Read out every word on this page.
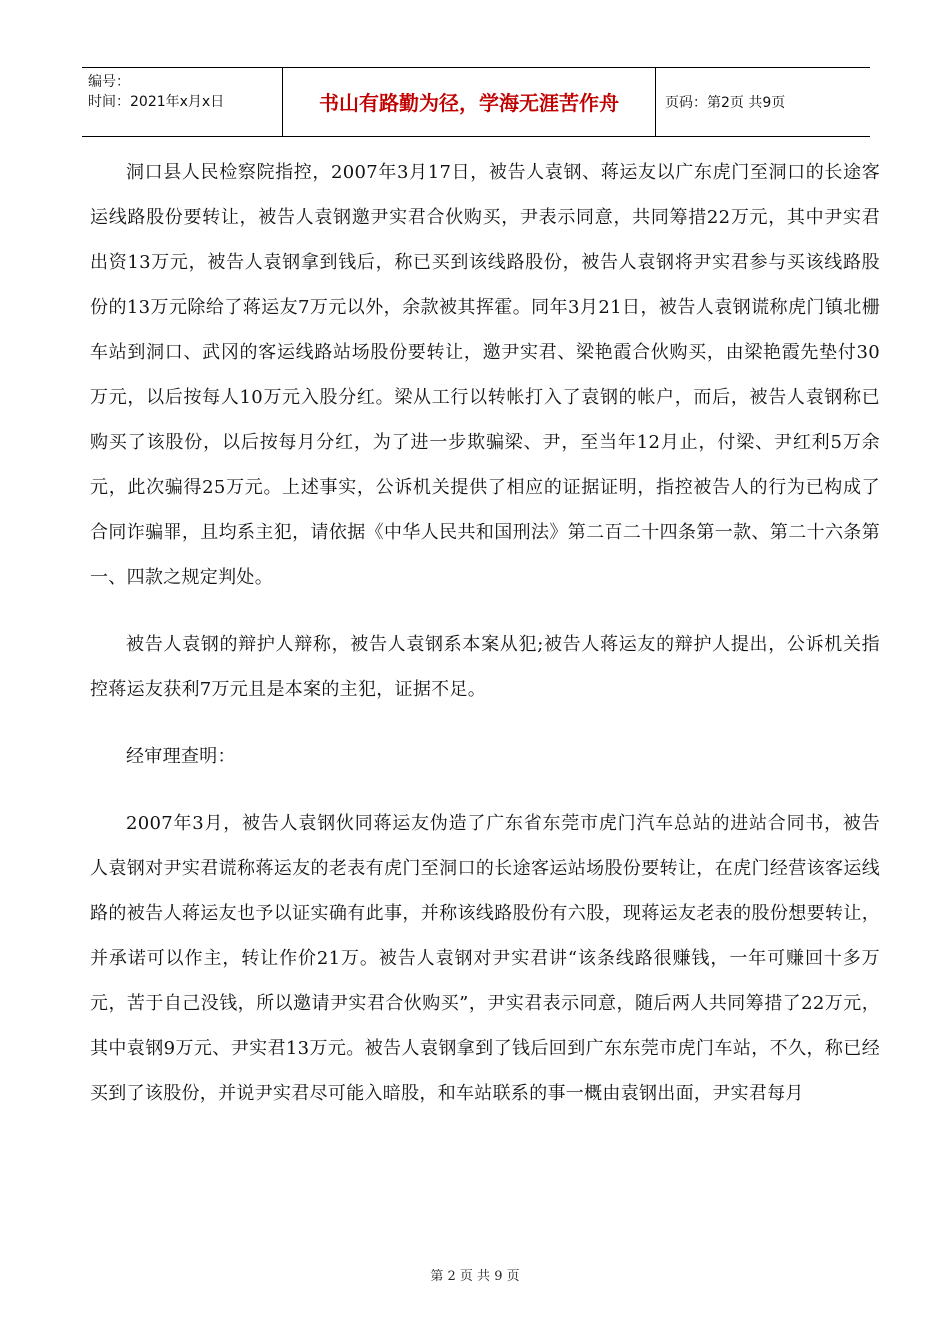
编号：
时间：2021年x月x日	书山有路勤为径，学海无涯苦作舟	页码：第2页 共9页

洞口县人民检察院指控，2007年3月17日，被告人袁钢、蒋运友以广东虎门至洞口的长途客运线路股份要转让，被告人袁钢邀尹实君合伙购买，尹表示同意，共同筹措22万元，其中尹实君出资13万元，被告人袁钢拿到钱后，称已买到该线路股份，被告人袁钢将尹实君参与买该线路股份的13万元除给了蒋运友7万元以外，余款被其挥霍。同年3月21日，被告人袁钢谎称虎门镇北栅车站到洞口、武冈的客运线路站场股份要转让，邀尹实君、梁艳霞合伙购买，由梁艳霞先垫付30万元，以后按每人10万元入股分红。梁从工行以转帐打入了袁钢的帐户，而后，被告人袁钢称已购买了该股份，以后按每月分红，为了进一步欺骗梁、尹，至当年12月止，付梁、尹红利5万余元，此次骗得25万元。上述事实，公诉机关提供了相应的证据证明，指控被告人的行为已构成了合同诈骗罪，且均系主犯，请依据《中华人民共和国刑法》第二百二十四条第一款、第二十六条第一、四款之规定判处。

被告人袁钢的辩护人辩称，被告人袁钢系本案从犯;被告人蒋运友的辩护人提出，公诉机关指控蒋运友获利7万元且是本案的主犯，证据不足。

经审理查明：

2007年3月，被告人袁钢伙同蒋运友伪造了广东省东莞市虎门汽车总站的进站合同书，被告人袁钢对尹实君谎称蒋运友的老表有虎门至洞口的长途客运站场股份要转让，在虎门经营该客运线路的被告人蒋运友也予以证实确有此事，并称该线路股份有六股，现蒋运友老表的股份想要转让，并承诺可以作主，转让作价21万。被告人袁钢对尹实君讲“该条线路很赚钱，一年可赚回十多万元，苦于自己没钱，所以邀请尹实君合伙购买”，尹实君表示同意，随后两人共同筹措了22万元，其中袁钢9万元、尹实君13万元。被告人袁钢拿到了钱后回到广东东莞市虎门车站，不久，称已经买到了该股份，并说尹实君尽可能入暗股，和车站联系的事一概由袁钢出面，尹实君每月

第 2 页 共 9 页
